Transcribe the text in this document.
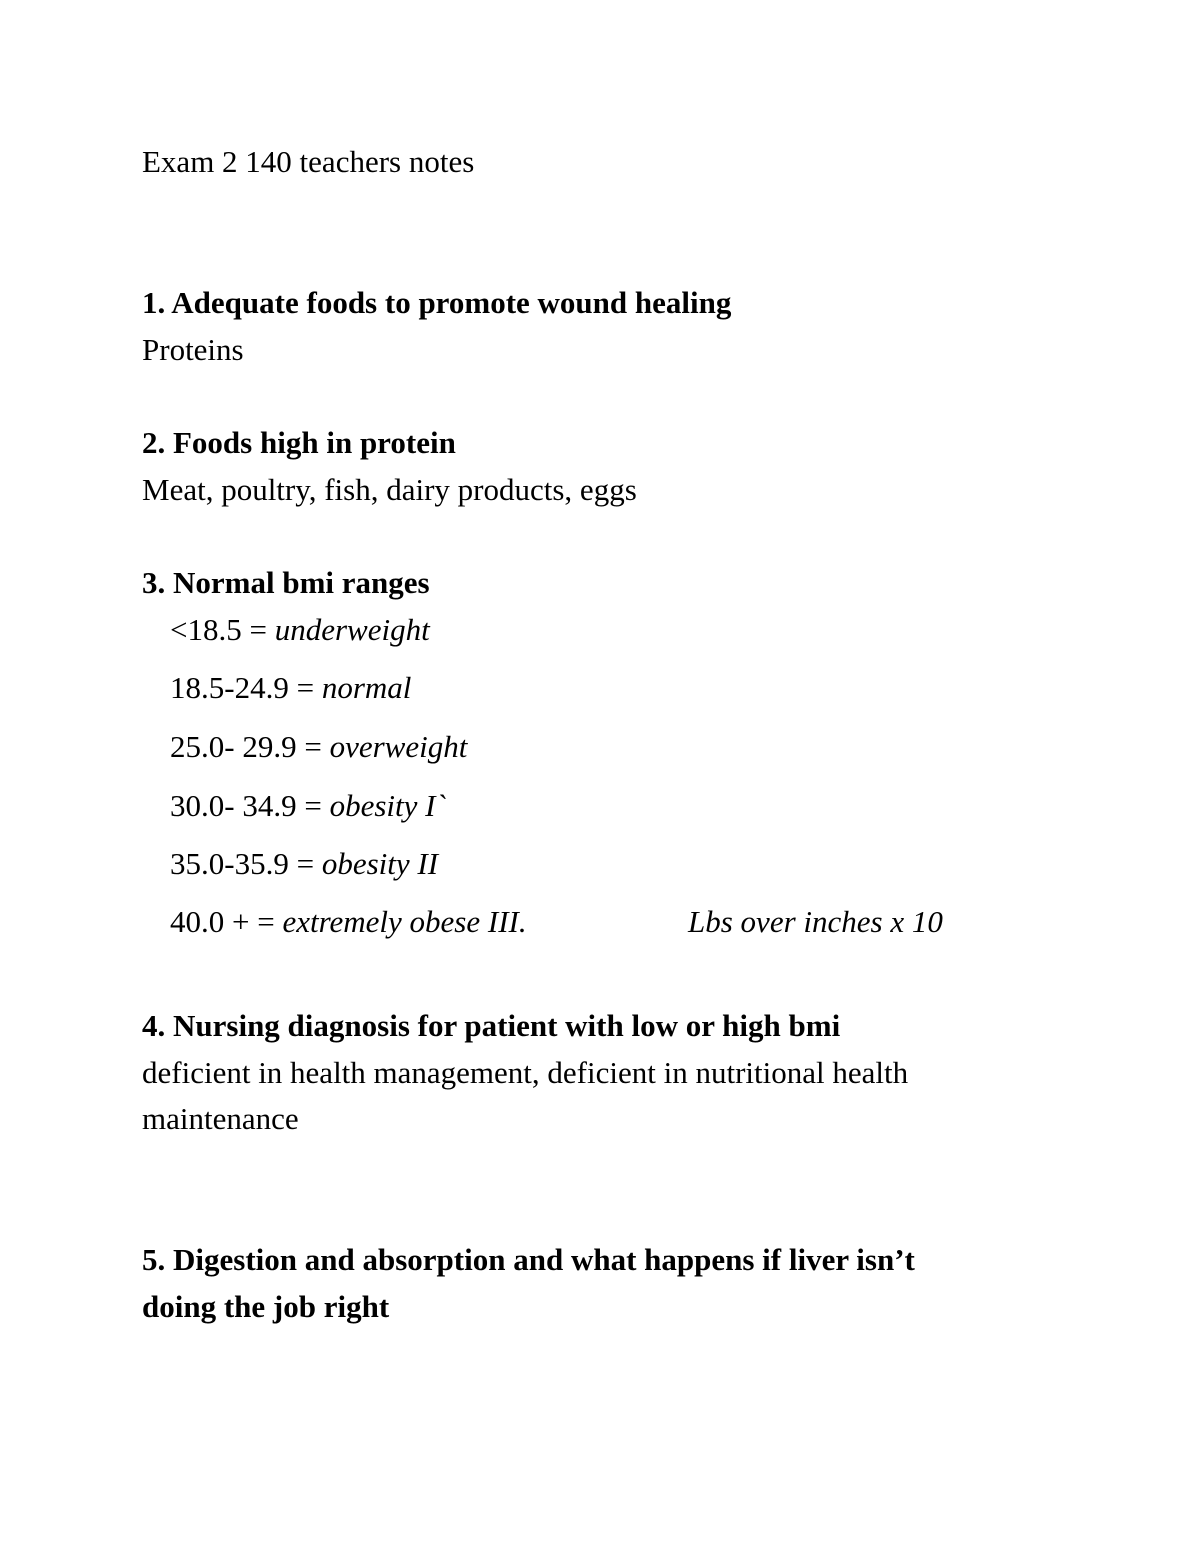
Exam 2 140 teachers notes
1. Adequate foods to promote wound healing
Proteins
2. Foods high in protein
Meat, poultry, fish, dairy products, eggs
3. Normal bmi ranges
<18.5 = underweight
18.5-24.9 = normal
25.0- 29.9 = overweight
30.0- 34.9 = obesity I`
35.0-35.9 = obesity II
40.0 + = extremely obese III.	Lbs over inches x 10
4. Nursing diagnosis for patient with low or high bmi
deficient in health management, deficient in nutritional health
maintenance
5. Digestion and absorption and what happens if liver isn’t
doing the job right
